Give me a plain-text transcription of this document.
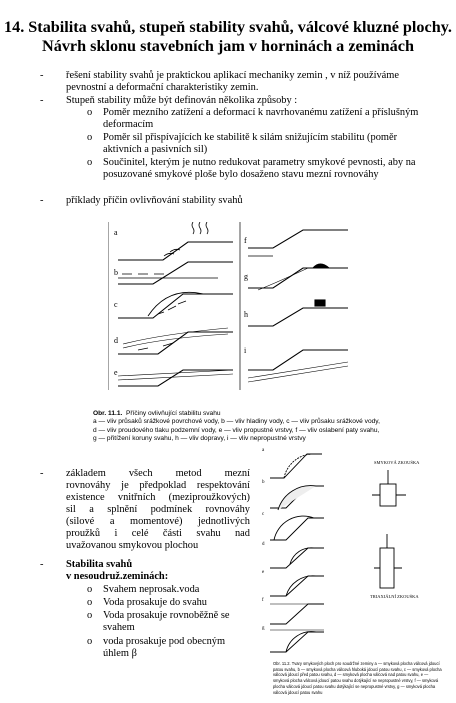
14. Stabilita svahů, stupeň stability svahů, válcové kluzné plochy.
Návrh sklonu stavebních jam v horninách a zeminách
- řešení stability svahů je praktickou aplikací mechaniky zemin , v níž používáme
pevnostní a deformační charakteristiky zemin.
- Stupeň stability může být definován několika způsoby :
o Poměr mezního zatížení a deformací k navrhovanému zatížení a příslušným
deformacím
o Poměr sil přispívajících ke stabilitě k silám snižujícím stabilitu (poměr
aktivních a pasivních sil)
o Součinitel, kterým je nutno redukovat parametry smykové pevnosti, aby na
posuzované smykové ploše bylo dosaženo stavu mezní rovnováhy
- příklady příčin ovlivňování stability svahů
a
b
c
d
e
f
g
h
i
Obr. 11.1. Příčiny ovlivňující stabilitu svahu
a — vliv průsaků srážkové povrchové vody, b — vliv hladiny vody, c — vliv průsaku srážkové vody,
d — vliv proudového tlaku podzemní vody, e — vliv propustné vrstvy, f — vliv oslabení paty svahu,
g — přitížení koruny svahu, h — vliv dopravy, i — vliv nepropustné vrstvy
- základem všech metod mezní
rovnováhy je předpoklad respektování
existence vnitřních (meziproužkových)
sil a splnění podmínek rovnováhy
(silové a momentové) jednotlivých
proužků i celé části svahu nad
uvažovanou smykovou plochou
- Stabilita svahů
v nesoudruž.zeminách:
o Svahem neprosak.voda
o Voda prosakuje do svahu
o Voda prosakuje rovnoběžně se
svahem
o voda prosakuje pod obecným
úhlem β
a
b
c
d
e
f
g
SMYKOVÁ ZKOUŠKA
TRIAXIÁLNÍ ZKOUŠKA
Obr. 11.2. Tvary smykových ploch pro soudržné zeminy a — smyková plocha válcová jdoucí patou svahu, b — smyková plocha válcová hluboká jdoucí patou svahu, c — smyková plocha válcová jdoucí před patou svahu, d — smyková plocha válcová nad patou svahu, e — smyková plocha válcová jdoucí patou svahu dotýkající se nepropustné vrstvy, f — smyková plocha válcová jdoucí patou svahu dotýkající se nepropustné vrstvy, g — smyková plocha válcová jdoucí patou svahu
